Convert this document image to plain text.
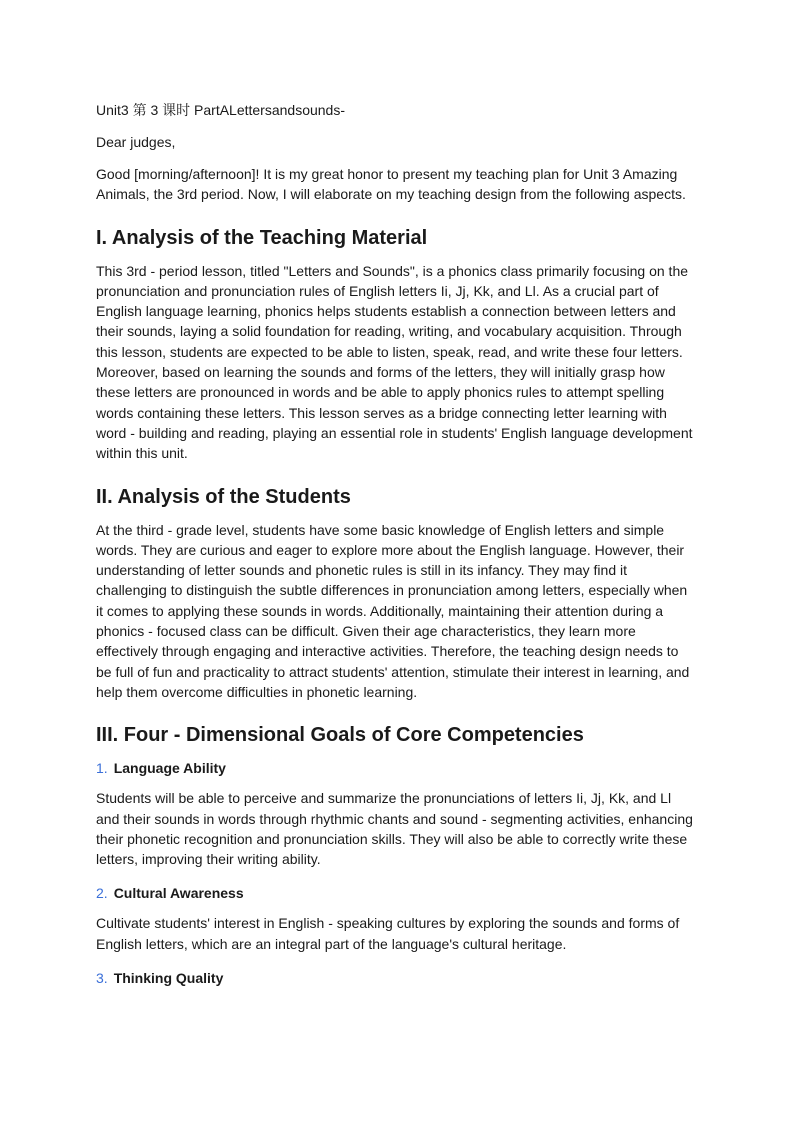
Unit3 第 3 课时 PartALettersandsounds-
Dear judges,

Good [morning/afternoon]! It is my great honor to present my teaching plan for Unit 3 Amazing Animals, the 3rd period. Now, I will elaborate on my teaching design from the following aspects.

I. Analysis of the Teaching Material

This 3rd - period lesson, titled "Letters and Sounds", is a phonics class primarily focusing on the pronunciation and pronunciation rules of English letters Ii, Jj, Kk, and Ll. As a crucial part of English language learning, phonics helps students establish a connection between letters and their sounds, laying a solid foundation for reading, writing, and vocabulary acquisition. Through this lesson, students are expected to be able to listen, speak, read, and write these four letters. Moreover, based on learning the sounds and forms of the letters, they will initially grasp how these letters are pronounced in words and be able to apply phonics rules to attempt spelling words containing these letters. This lesson serves as a bridge connecting letter learning with word - building and reading, playing an essential role in students' English language development within this unit.

II. Analysis of the Students

At the third - grade level, students have some basic knowledge of English letters and simple words. They are curious and eager to explore more about the English language. However, their understanding of letter sounds and phonetic rules is still in its infancy. They may find it challenging to distinguish the subtle differences in pronunciation among letters, especially when it comes to applying these sounds in words. Additionally, maintaining their attention during a phonics - focused class can be difficult. Given their age characteristics, they learn more effectively through engaging and interactive activities. Therefore, the teaching design needs to be full of fun and practicality to attract students' attention, stimulate their interest in learning, and help them overcome difficulties in phonetic learning.

III. Four - Dimensional Goals of Core Competencies
1. Language Ability

Students will be able to perceive and summarize the pronunciations of letters Ii, Jj, Kk, and Ll and their sounds in words through rhythmic chants and sound - segmenting activities, enhancing their phonetic recognition and pronunciation skills. They will also be able to correctly write these letters, improving their writing ability.

2. Cultural Awareness

Cultivate students' interest in English - speaking cultures by exploring the sounds and forms of English letters, which are an integral part of the language's cultural heritage.

3. Thinking Quality
